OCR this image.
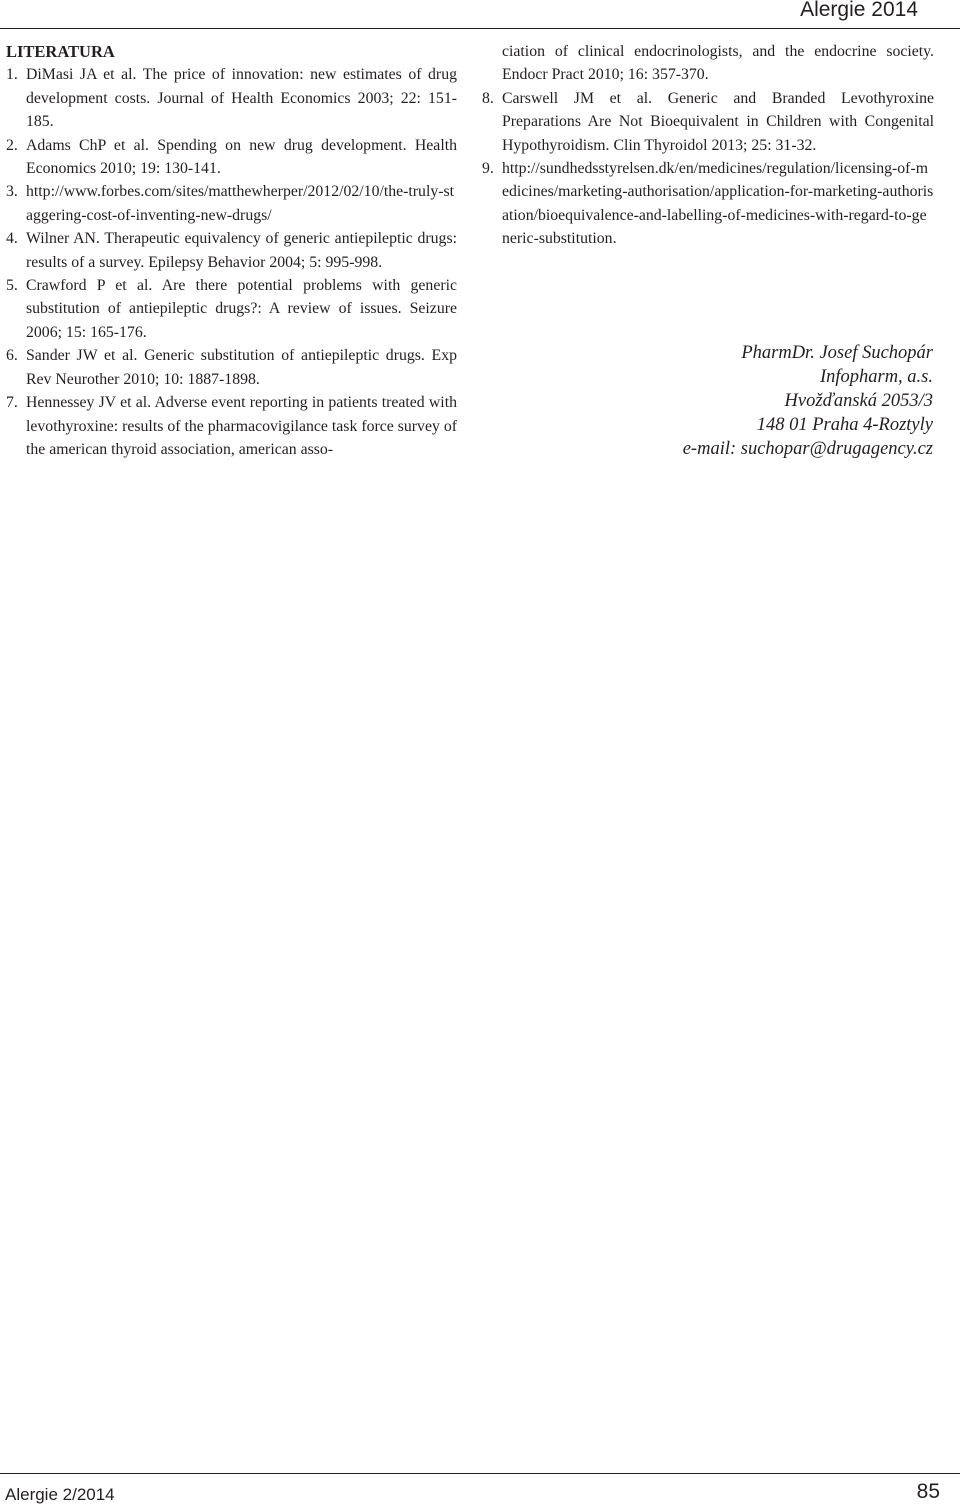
Alergie 2014

LITERATURA

1. DiMasi JA et al. The price of innovation: new estimates of drug development costs. Journal of Health Economics 2003; 22: 151-185.

2. Adams ChP et al. Spending on new drug development. Health Economics 2010; 19: 130-141.

3. http://www.forbes.com/sites/matthewherper/2012/02/10/the-truly-staggering-cost-of-inventing-new-drugs/

4. Wilner AN. Therapeutic equivalency of generic antiepileptic drugs: results of a survey. Epilepsy Behavior 2004; 5: 995-998.

5. Crawford P et al. Are there potential problems with generic substitution of antiepileptic drugs?: A review of issues. Seizure 2006; 15: 165-176.

6. Sander JW et al. Generic substitution of antiepileptic drugs. Exp Rev Neurother 2010; 10: 1887-1898.

7. Hennessey JV et al. Adverse event reporting in patients treated with levothyroxine: results of the pharmacovigilance task force survey of the american thyroid association, american asso-

ciation of clinical endocrinologists, and the endocrine society. Endocr Pract 2010; 16: 357-370.

8. Carswell JM et al. Generic and Branded Levothyroxine Preparations Are Not Bioequivalent in Children with Congenital Hypothyroidism. Clin Thyroidol 2013; 25: 31-32.

9. http://sundhedsstyrelsen.dk/en/medicines/regulation/licensing-of-medicines/marketing-authorisation/application-for-marketing-authorisation/bioequivalence-and-labelling-of-medicines-with-regard-to-generic-substitution.

PharmDr. Josef Suchopár
Infopharm, a.s.
Hvožďanská 2053/3
148 01 Praha 4-Roztyly
e-mail: suchopar@drugagency.cz
Alergie 2/2014	85
